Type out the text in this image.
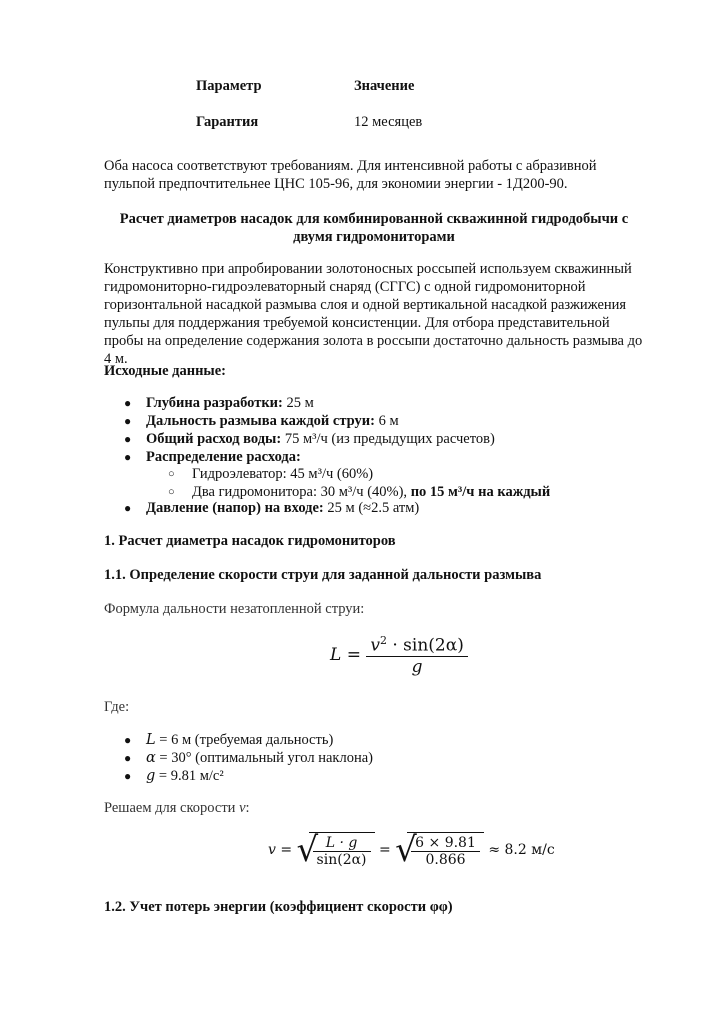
Параметр	Значение

Гарантия	12 месяцев
Оба насоса соответствуют требованиям. Для интенсивной работы с абразивной пульпой предпочтительнее ЦНС 105-96, для экономии энергии - 1Д200-90.
Расчет диаметров насадок для комбинированной скважинной гидродобычи с двумя гидромониторами
Конструктивно при апробировании золотоносных россыпей используем скважинный гидромониторно-гидроэлеваторный снаряд (СГГС) с одной гидромониторной горизонтальной насадкой размыва слоя и одной вертикальной насадкой разжижения пульпы для поддержания требуемой консистенции. Для отбора представительной пробы на определение содержания золота в россыпи достаточно дальность размыва до 4 м.
Исходные данные:
● Глубина разработки: 25 м
● Дальность размыва каждой струи: 6 м
● Общий расход воды: 75 м³/ч (из предыдущих расчетов)
● Распределение расхода:
○ Гидроэлеватор: 45 м³/ч (60%)
○ Два гидромонитора: 30 м³/ч (40%), по 15 м³/ч на каждый
● Давление (напор) на входе: 25 м (≈2.5 атм)
1. Расчет диаметра насадок гидромониторов
1.1. Определение скорости струи для заданной дальности размыва
Формула дальности незатопленной струи:
$L = \frac{v^2 \cdot \sin(2\alpha)}{g}$
Где:
● L = 6 м (требуемая дальность)
● α = 30° (оптимальный угол наклона)
● g = 9.81 м/с²
Решаем для скорости v:
v = √
$\frac{L \cdot g}{\sin(2\alpha)}$ = √
$\frac{6 \times 9.81}{0.866} \approx 8.2$ м/с
1.2. Учет потерь энергии (коэффициент скорости φφ)
